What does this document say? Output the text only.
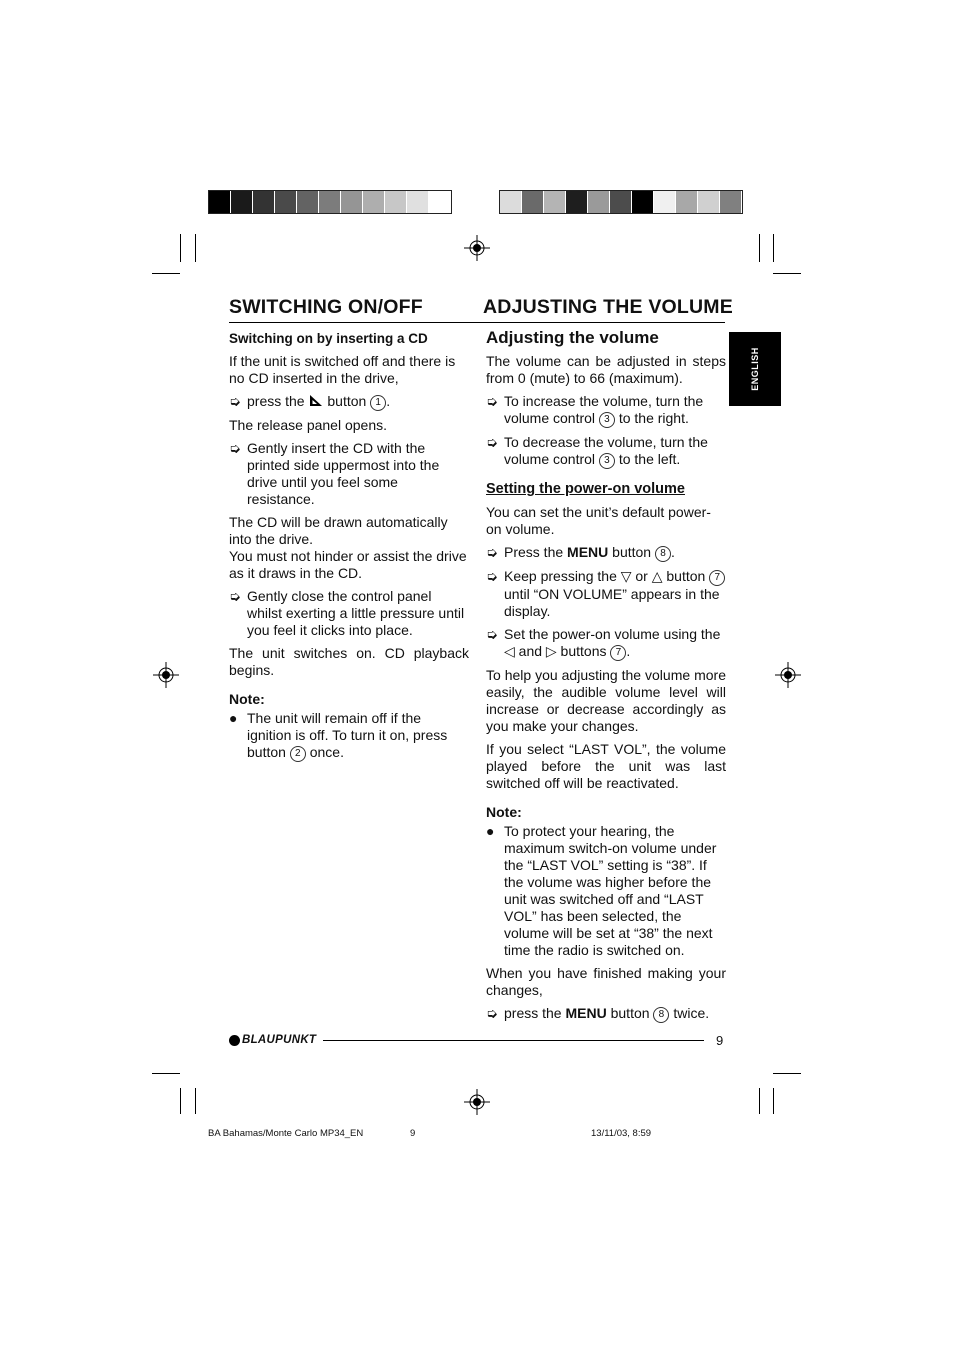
SWITCHING ON/OFF	ADJUSTING THE VOLUME
ENGLISH
Switching on by inserting a CD

If the unit is switched off and there is no CD inserted in the drive,

➭ press the button 1 .

The release panel opens.

➭ Gently insert the CD with the printed side uppermost into the drive until you feel some resistance.

The CD will be drawn automatically into the drive.

You must not hinder or assist the drive as it draws in the CD.

➭ Gently close the control panel whilst exerting a little pressure until you feel it clicks into place.

The unit switches on. CD playback begins.

Note:
● The unit will remain off if the ignition is off. To turn it on, press button 2 once.
Adjusting the volume

The volume can be adjusted in steps from 0 (mute) to 66 (maximum).

➭ To increase the volume, turn the volume control 3 to the right.
➭ To decrease the volume, turn the volume control 3 to the left.
Setting the power-on volume

You can set the unit’s default power-on volume.

➭ Press the MENU button 8 .
➭ Keep pressing the ▽ or △ button 7 until “ON VOLUME” appears in the display.
➭ Set the power-on volume using the ◁ and ▷ buttons 7 .

To help you adjusting the volume more easily, the audible volume level will increase or decrease accordingly as you make your changes.

If you select “LAST VOL”, the volume played before the unit was last switched off will be reactivated.

Note:
● To protect your hearing, the maximum switch-on volume under the “LAST VOL” setting is “38”. If the volume was higher before the unit was switched off and “LAST VOL” has been selected, the volume will be set at “38” the next time the radio is switched on.

When you have finished making your changes,

➭ press the MENU button 8 twice.
BLAUPUNKT	9
BA Bahamas/Monte Carlo MP34_EN	9	13/11/03, 8:59
